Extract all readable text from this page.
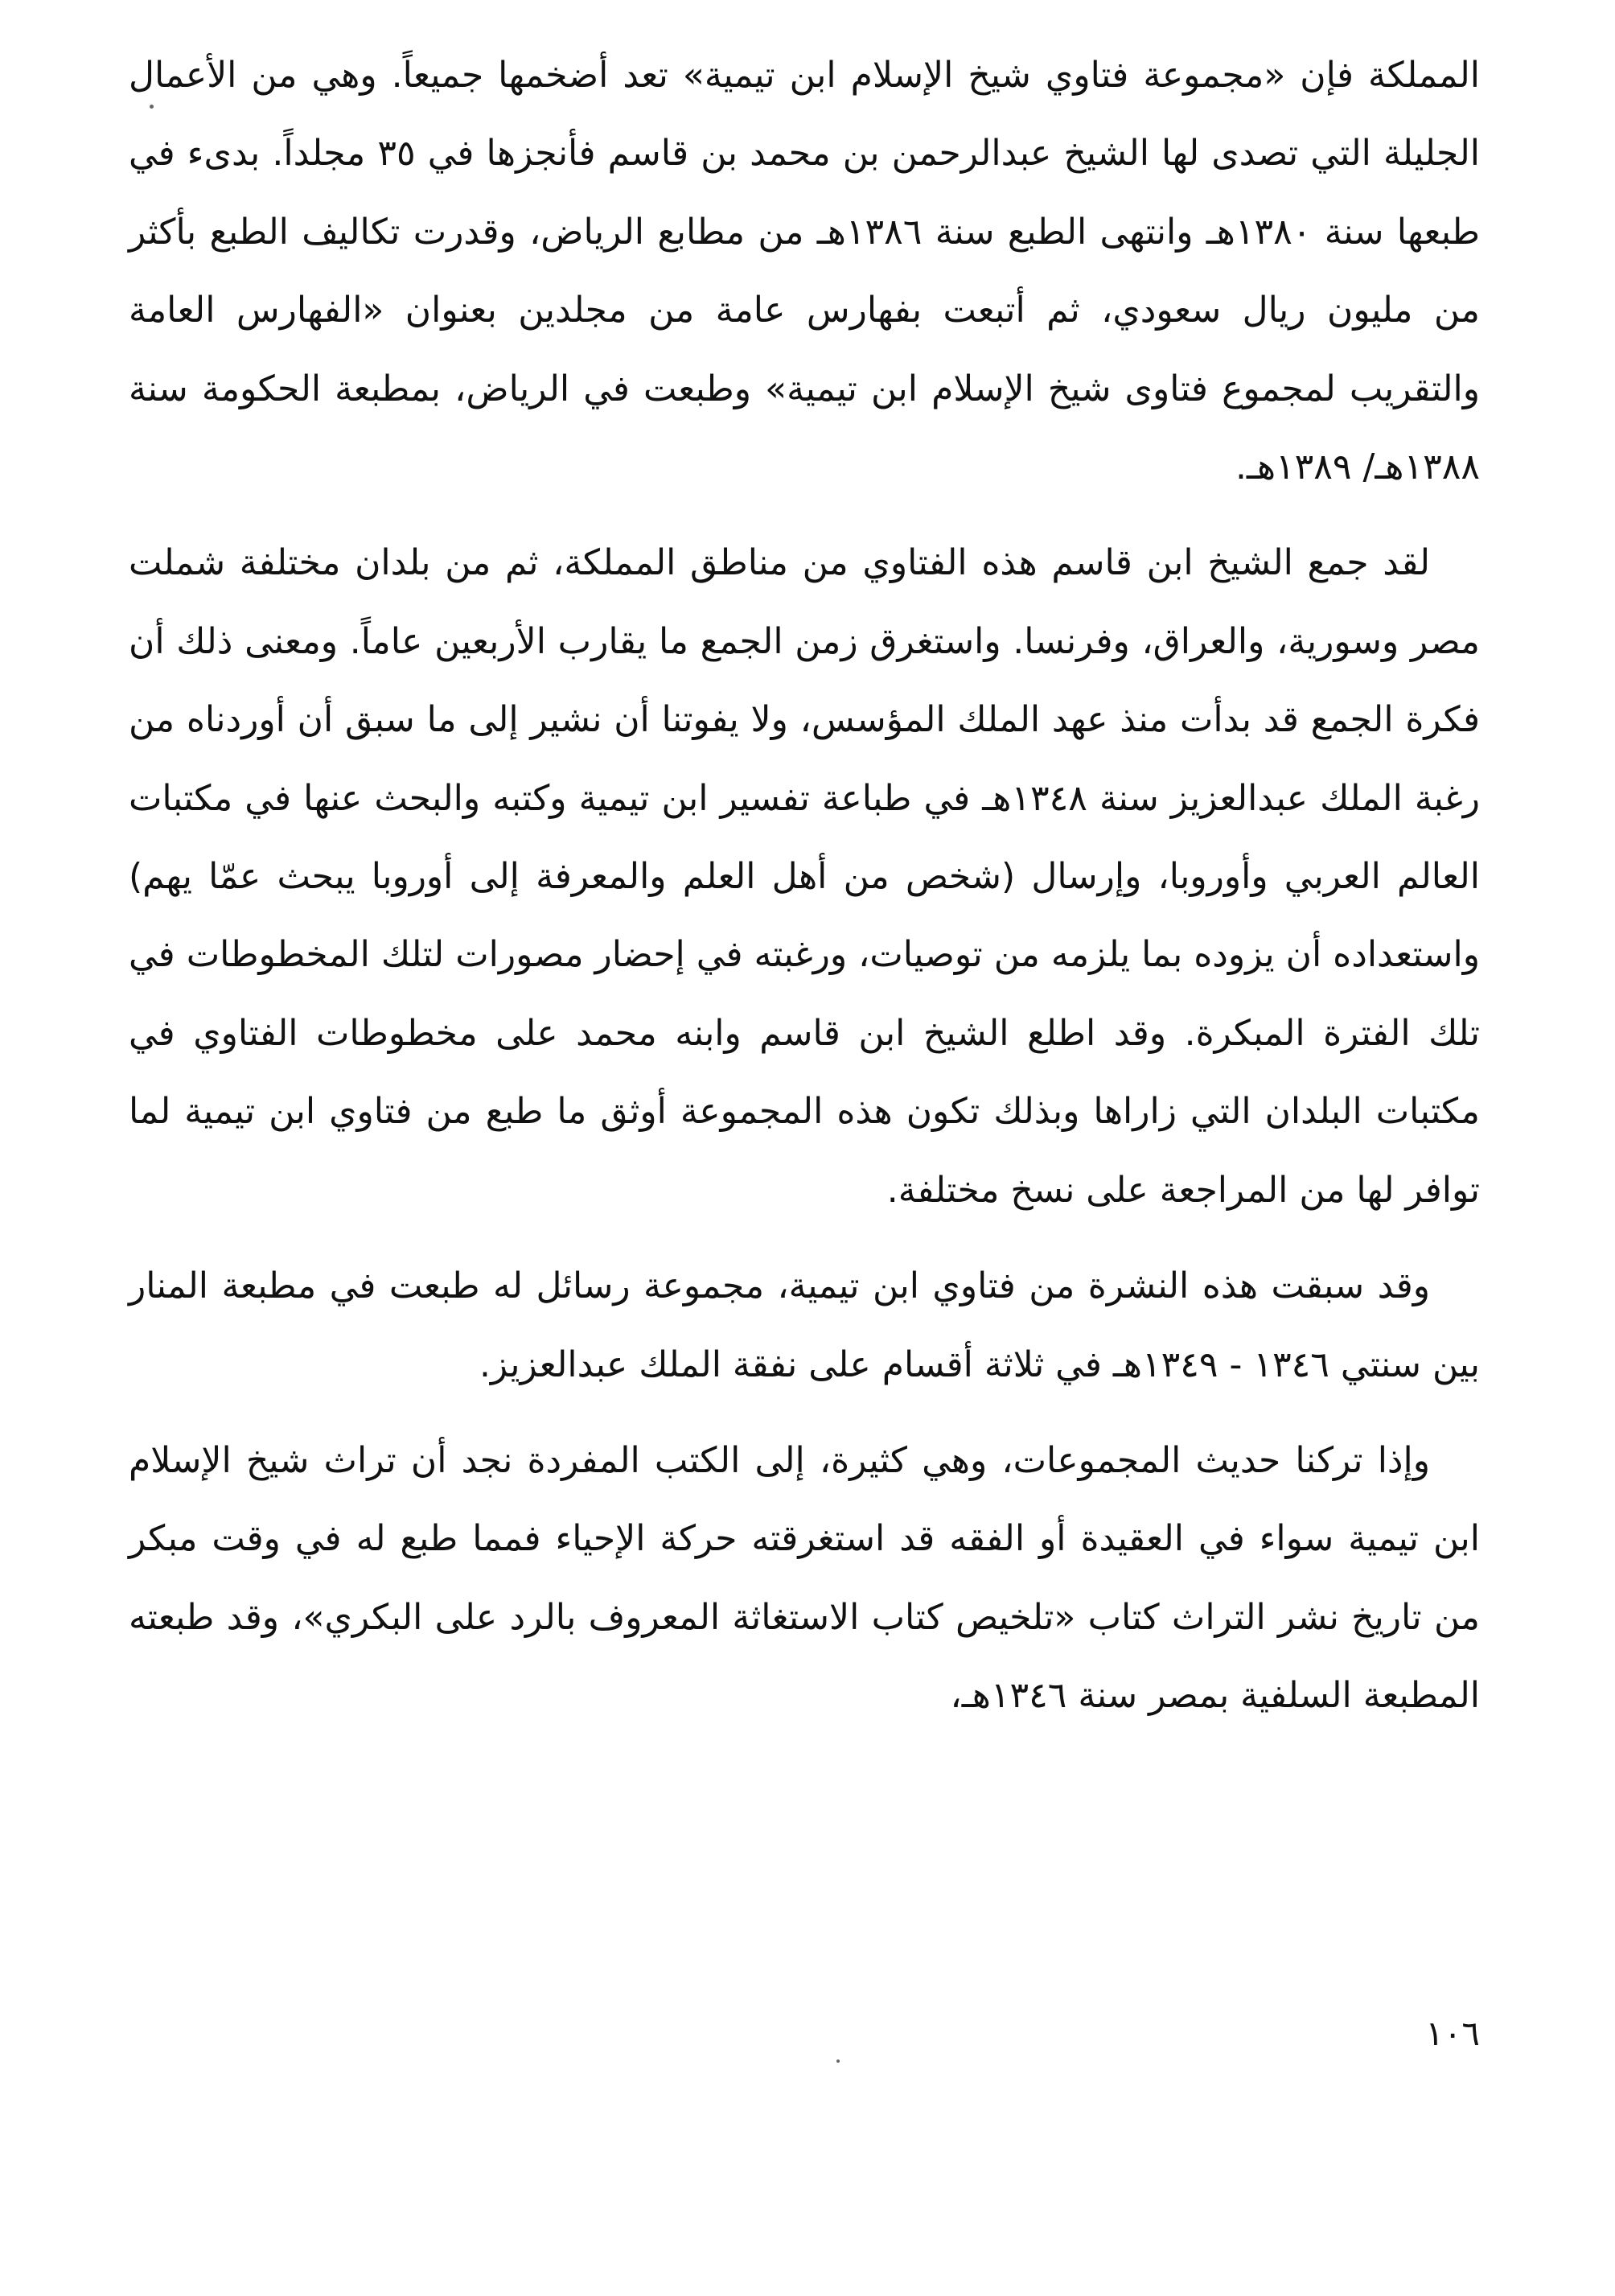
المملكة فإن «مجموعة فتاوي شيخ الإسلام ابن تيمية» تعد أضخمها جميعاً. وهي من الأعمال الجليلة التي تصدى لها الشيخ عبدالرحمن بن محمد بن قاسم فأنجزها في ٣٥ مجلداً. بدىء في طبعها سنة ١٣٨٠هـ وانتهى الطبع سنة ١٣٨٦هـ من مطابع الرياض، وقدرت تكاليف الطبع بأكثر من مليون ريال سعودي، ثم أتبعت بفهارس عامة من مجلدين بعنوان «الفهارس العامة والتقريب لمجموع فتاوى شيخ الإسلام ابن تيمية» وطبعت في الرياض، بمطبعة الحكومة سنة ١٣٨٨هـ/ ١٣٨٩هـ.

لقد جمع الشيخ ابن قاسم هذه الفتاوي من مناطق المملكة، ثم من بلدان مختلفة شملت مصر وسورية، والعراق، وفرنسا. واستغرق زمن الجمع ما يقارب الأربعين عاماً. ومعنى ذلك أن فكرة الجمع قد بدأت منذ عهد الملك المؤسس، ولا يفوتنا أن نشير إلى ما سبق أن أوردناه من رغبة الملك عبدالعزيز سنة ١٣٤٨هـ في طباعة تفسير ابن تيمية وكتبه والبحث عنها في مكتبات العالم العربي وأوروبا، وإرسال (شخص من أهل العلم والمعرفة إلى أوروبا يبحث عمّا يهم) واستعداده أن يزوده بما يلزمه من توصيات، ورغبته في إحضار مصورات لتلك المخطوطات في تلك الفترة المبكرة. وقد اطلع الشيخ ابن قاسم وابنه محمد على مخطوطات الفتاوي في مكتبات البلدان التي زاراها وبذلك تكون هذه المجموعة أوثق ما طبع من فتاوي ابن تيمية لما توافر لها من المراجعة على نسخ مختلفة.

وقد سبقت هذه النشرة من فتاوي ابن تيمية، مجموعة رسائل له طبعت في مطبعة المنار بين سنتي ١٣٤٦ - ١٣٤٩هـ في ثلاثة أقسام على نفقة الملك عبدالعزيز.

وإذا تركنا حديث المجموعات، وهي كثيرة، إلى الكتب المفردة نجد أن تراث شيخ الإسلام ابن تيمية سواء في العقيدة أو الفقه قد استغرقته حركة الإحياء فمما طبع له في وقت مبكر من تاريخ نشر التراث كتاب «تلخيص كتاب الاستغاثة المعروف بالرد على البكري»، وقد طبعته المطبعة السلفية بمصر سنة ١٣٤٦هـ،

١٠٦
